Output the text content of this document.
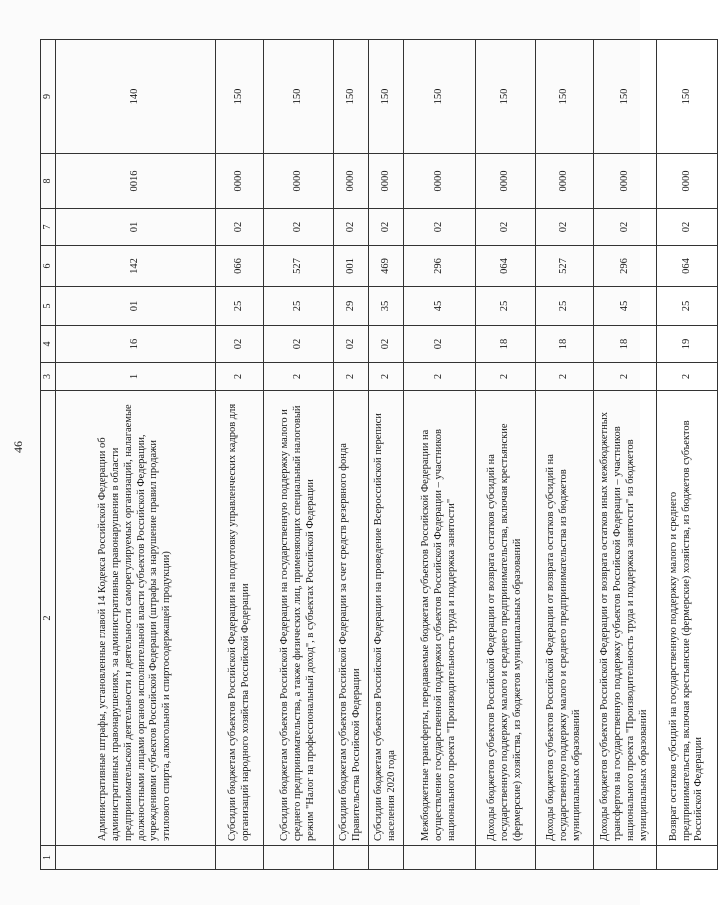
46
1	2	3	4	5	6	7	8	9
	Административные штрафы, установленные главой 14 Кодекса Российской Федерации об административных правонарушениях, за административные правонарушения в области предпринимательской деятельности и деятельности саморегулируемых организаций, налагаемые должностными лицами органов исполнительной власти субъектов Российской Федерации, учреждениями субъектов Российской Федерации (штрафы за нарушение правил продажи этилового спирта, алкогольной и спиртосодержащей продукции)	1	16	01	142	01	0016	140
	Субсидии бюджетам субъектов Российской Федерации на подготовку управленческих кадров для организаций народного хозяйства Российской Федерации	2	02	25	066	02	0000	150
	Субсидии бюджетам субъектов Российской Федерации на государственную поддержку малого и среднего предпринимательства, а также физических лиц, применяющих специальный налоговый режим "Налог на профессиональный доход", в субъектах Российской Федерации	2	02	25	527	02	0000	150
	Субсидии бюджетам субъектов Российской Федерации за счет средств резервного фонда Правительства Российской Федерации	2	02	29	001	02	0000	150
	Субсидии бюджетам субъектов Российской Федерации на проведение Всероссийской переписи населения 2020 года	2	02	35	469	02	0000	150
	Межбюджетные трансферты, передаваемые бюджетам субъектов Российской Федерации на осуществление государственной поддержки субъектов Российской Федерации – участников национального проекта "Производительность труда и поддержка занятости"	2	02	45	296	02	0000	150
	Доходы бюджетов субъектов Российской Федерации от возврата остатков субсидий на государственную поддержку малого и среднего предпринимательства, включая крестьянские (фермерские) хозяйства, из бюджетов муниципальных образований	2	18	25	064	02	0000	150
	Доходы бюджетов субъектов Российской Федерации от возврата остатков субсидий на государственную поддержку малого и среднего предпринимательства из бюджетов муниципальных образований	2	18	25	527	02	0000	150
	Доходы бюджетов субъектов Российской Федерации от возврата остатков иных межбюджетных трансфертов на государственную поддержку субъектов Российской Федерации – участников национального проекта "Производительность труда и поддержка занятости" из бюджетов муниципальных образований	2	18	45	296	02	0000	150
	Возврат остатков субсидий на государственную поддержку малого и среднего предпринимательства, включая крестьянские (фермерские) хозяйства, из бюджетов субъектов Российской Федерации	2	19	25	064	02	0000	150
